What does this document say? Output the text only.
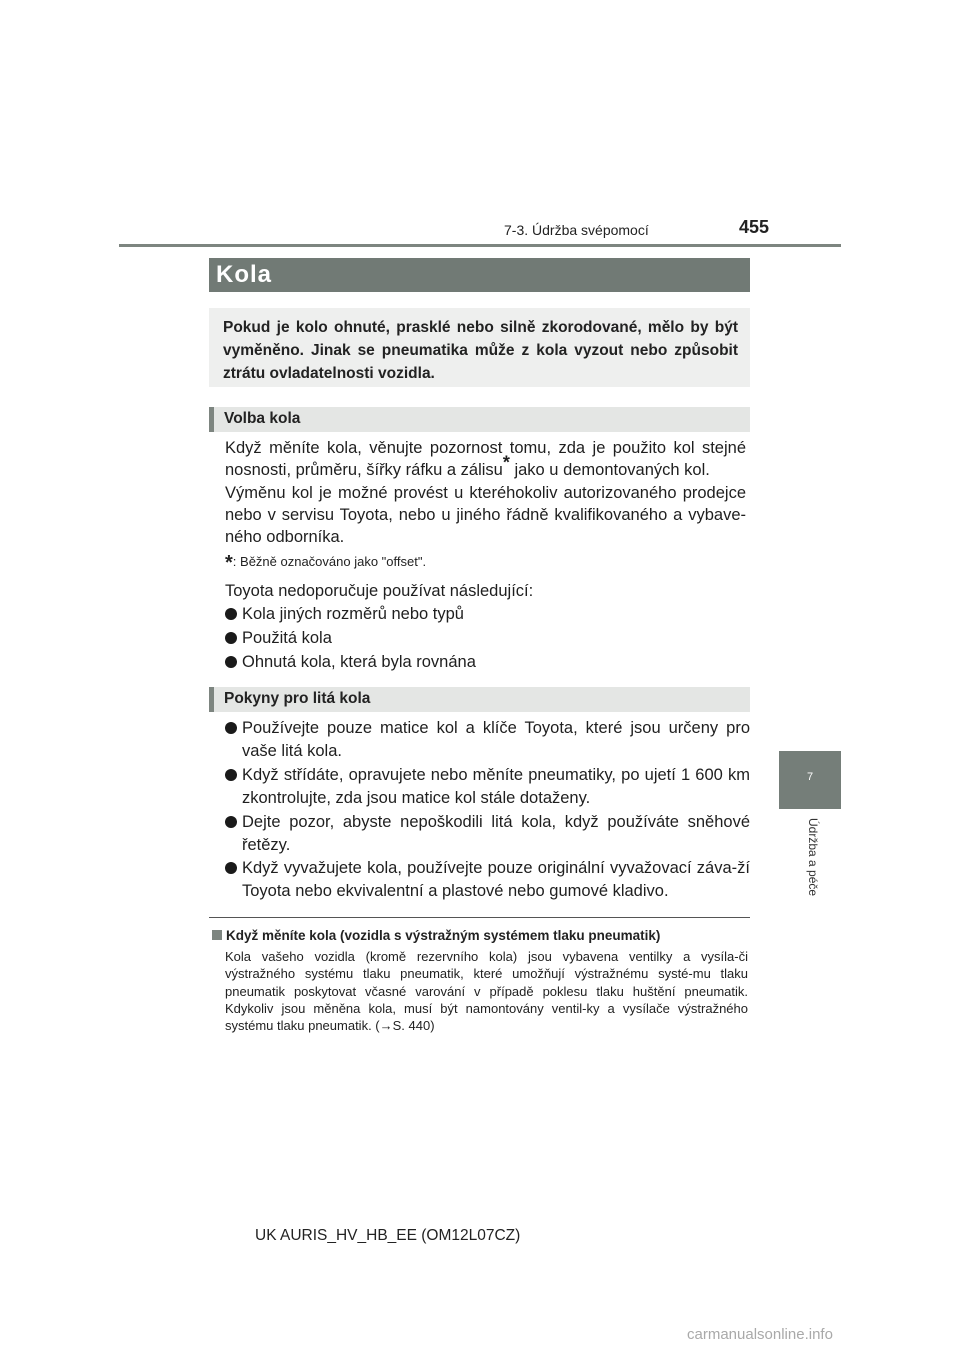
7-3. Údržba svépomocí	455
7
Údržba a péče
Kola
Pokud je kolo ohnuté, prasklé nebo silně zkorodované, mělo by být vyměněno. Jinak se pneumatika může z kola vyzout nebo způsobit ztrátu ovladatelnosti vozidla.
Volba kola
Když měníte kola, věnujte pozornost tomu, zda je použito kol stejné nosnosti, průměru, šířky ráfku a zálisu* jako u demontovaných kol.
Výměnu kol je možné provést u kteréhokoliv autorizovaného prodejce nebo v servisu Toyota, nebo u jiného řádně kvalifikovaného a vybave-ného odborníka.
*: Běžně označováno jako "offset".
Toyota nedoporučuje používat následující:
Kola jiných rozměrů nebo typů
Použitá kola
Ohnutá kola, která byla rovnána
Pokyny pro litá kola
Používejte pouze matice kol a klíče Toyota, které jsou určeny pro vaše litá kola.
Když střídáte, opravujete nebo měníte pneumatiky, po ujetí 1 600 km zkontrolujte, zda jsou matice kol stále dotaženy.
Dejte pozor, abyste nepoškodili litá kola, když používáte sněhové řetězy.
Když vyvažujete kola, používejte pouze originální vyvažovací záva-ží Toyota nebo ekvivalentní a plastové nebo gumové kladivo.
Když měníte kola (vozidla s výstražným systémem tlaku pneumatik)
Kola vašeho vozidla (kromě rezervního kola) jsou vybavena ventilky a vysíla-či výstražného systému tlaku pneumatik, které umožňují výstražnému systé-mu tlaku pneumatik poskytovat včasné varování v případě poklesu tlaku huštění pneumatik. Kdykoliv jsou měněna kola, musí být namontovány ventil-ky a vysílače výstražného systému tlaku pneumatik. (→S. 440)
UK AURIS_HV_HB_EE (OM12L07CZ)
carmanualsonline.info
